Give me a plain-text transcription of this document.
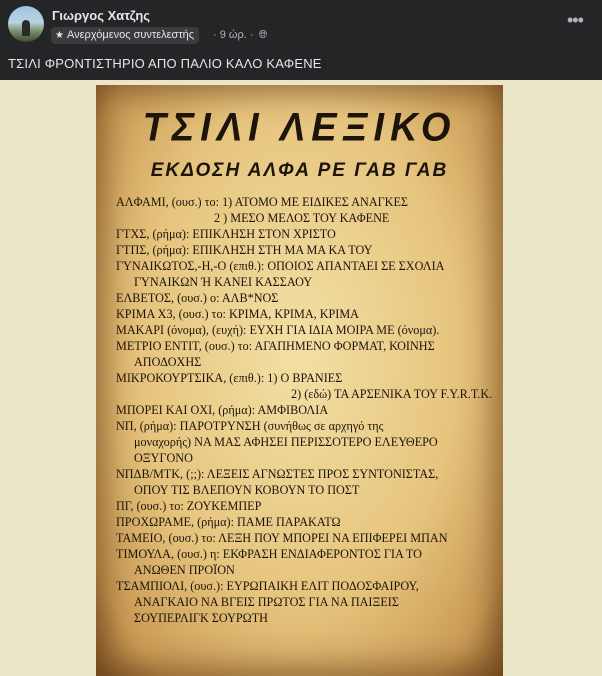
Γιωργος Χατζης
★ Ανερχόμενος συντελεστής	· 9 ώρ. · 🌐︎
•••
ΤΣΙΛΙ ΦΡΟΝΤΙΣΤΗΡΙΟ ΑΠΟ ΠΑΛΙΟ ΚΑΛΟ ΚΑΦΕΝΕ
ΤΣΙΛΙ ΛΕΞΙΚΟ
ΕΚΔΟΣΗ ΑΛΦΑ ΡΕ ΓΑΒ ΓΑΒ
ΑΛΦΑΜΙ, (ουσ.) το: 1) ΑΤΟΜΟ ΜΕ ΕΙΔΙΚΕΣ ΑΝΑΓΚΕΣ
2 ) ΜΕΣΟ ΜΕΛΟΣ ΤΟΥ ΚΑΦΕΝΕ
ΓΤΧΣ, (ρήμα): ΕΠΙΚΛΗΣΗ ΣΤΟΝ ΧΡΙΣΤΟ
ΓΤΠΣ, (ρήμα): ΕΠΙΚΛΗΣΗ ΣΤΗ ΜΑ ΜΑ ΚΑ ΤΟΥ
ΓΥΝΑΙΚΩΤΟΣ,-Η,-Ο (επιθ.): ΟΠΟΙΟΣ ΑΠΑΝΤΑΕΙ ΣΕ ΣΧΟΛΙΑ
ΓΥΝΑΙΚΩΝ Ή ΚΑΝΕΙ ΚΑΣΣΑΟΥ
ΕΛΒΕΤΟΣ, (ουσ.) ο: ΑΛΒ*ΝΟΣ
ΚΡΙΜΑ Χ3, (ουσ.) το: ΚΡΙΜΑ, ΚΡΙΜΑ, ΚΡΙΜΑ
ΜΑΚΑΡΙ (όνομα), (ευχή): ΕΥΧΗ ΓΙΑ ΙΔΙΑ ΜΟΙΡΑ ΜΕ (όνομα).
ΜΕΤΡΙΟ ΕΝΤΙΤ, (ουσ.) το: ΑΓΑΠΗΜΕΝΟ ΦΟΡΜΑΤ, ΚΟΙΝΗΣ
ΑΠΟΔΟΧΗΣ
ΜΙΚΡΟΚΟΥΡΤΣΙΚΑ, (επιθ.): 1) Ο ΒΡΑΝΙΕΣ
2) (εδώ) ΤΑ ΑΡΣΕΝΙΚΑ ΤΟΥ F.Y.R.T.K.
ΜΠΟΡΕΙ ΚΑΙ ΟΧΙ, (ρήμα): ΑΜΦΙΒΟΛΙΑ
ΝΠ, (ρήμα): ΠΑΡΟΤΡΥΝΣΗ (συνήθως σε αρχηγό της
μοναχορής) ΝΑ ΜΑΣ ΑΦΗΣΕΙ ΠΕΡΙΣΣΟΤΕΡΟ ΕΛΕΥΘΕΡΟ
ΟΞΥΓΟΝΟ
ΝΠΔΒ/ΜΤΚ, (;;): ΛΕΞΕΙΣ ΑΓΝΩΣΤΕΣ ΠΡΟΣ ΣΥΝΤΟΝΙΣΤΑΣ,
ΟΠΟΥ ΤΙΣ ΒΛΕΠΟΥΝ ΚΟΒΟΥΝ ΤΟ ΠΟΣΤ
ΠΓ, (ουσ.) το: ΖΟΥΚΕΜΠΕΡ
ΠΡΟΧΩΡΑΜΕ, (ρήμα): ΠΑΜΕ ΠΑΡΑΚΑΤΩ
ΤΑΜΕΙΟ, (ουσ.) το: ΛΕΞΗ ΠΟΥ ΜΠΟΡΕΙ ΝΑ ΕΠΙΦΕΡΕΙ ΜΠΑΝ
ΤΙΜΟΥΛΑ, (ουσ.) η: ΕΚΦΡΑΣΗ ΕΝΔΙΑΦΕΡΟΝΤΟΣ ΓΙΑ ΤΟ
ΑΝΩΘΕΝ ΠΡΟΪΟΝ
ΤΣΑΜΠΙΟΛΙ, (ουσ.): ΕΥΡΩΠΑΙΚΗ ΕΛΙΤ ΠΟΔΟΣΦΑΙΡΟΥ,
ΑΝΑΓΚΑΙΟ ΝΑ ΒΓΕΙΣ ΠΡΩΤΟΣ ΓΙΑ ΝΑ ΠΑΙΞΕΙΣ
ΣΟΥΠΕΡΛΙΓΚ ΣΟΥΡΩΤΗ
